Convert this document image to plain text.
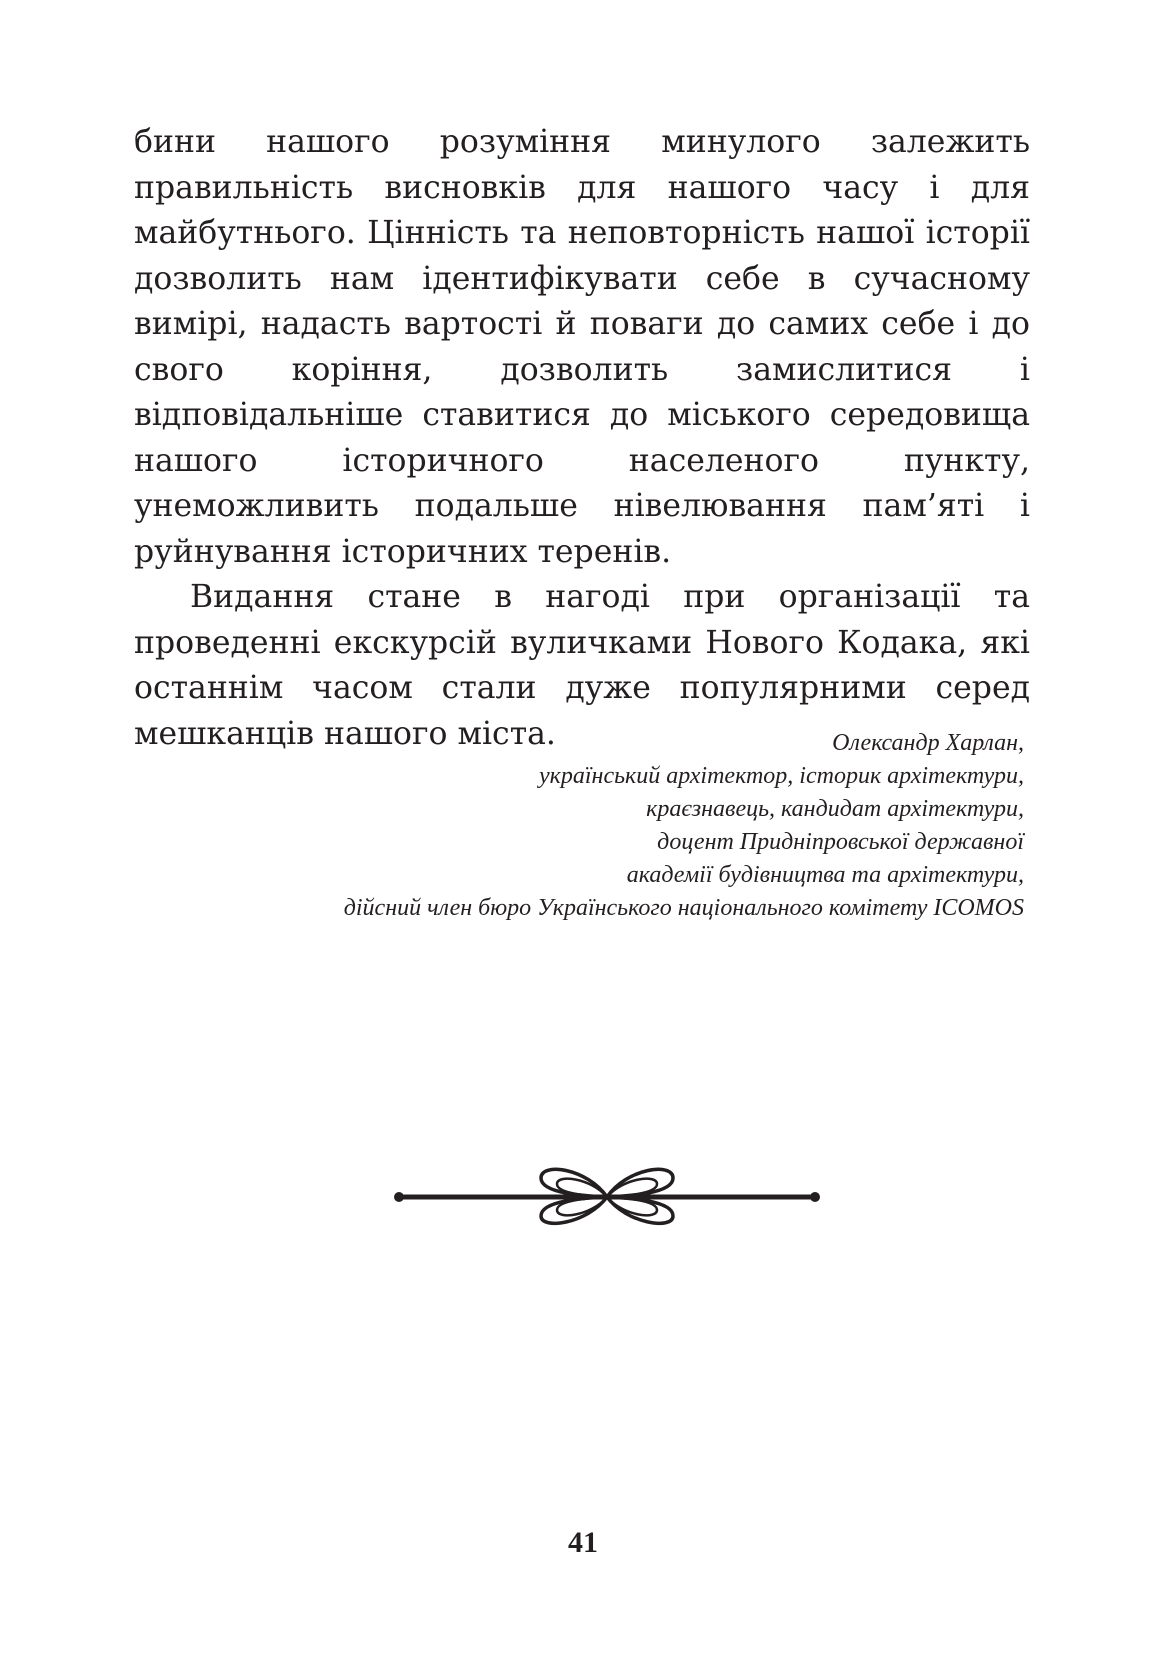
бини нашого розуміння минулого залежить правильність висновків для нашого часу і для майбутнього. Цінність та неповторність нашої історії дозволить нам ідентифікувати себе в сучасному вимірі, надасть вартості й поваги до самих себе і до свого коріння, дозволить замислитися і відповідальніше ставитися до міського середовища нашого історичного населеного пункту, унеможливить подальше нівелювання пам’яті і руйнування історичних теренів.

Видання стане в нагоді при організації та проведенні екскурсій вуличками Нового Кодака, які останнім часом стали дуже популярними серед мешканців нашого міста.	Олександр Харлан,
український архітектор, історик архітектури,
краєзнавець, кандидат архітектури,
доцент Придніпровської державної
академії будівництва та архітектури,
дійсний член бюро Українського національного комітету ICOMOS
41
